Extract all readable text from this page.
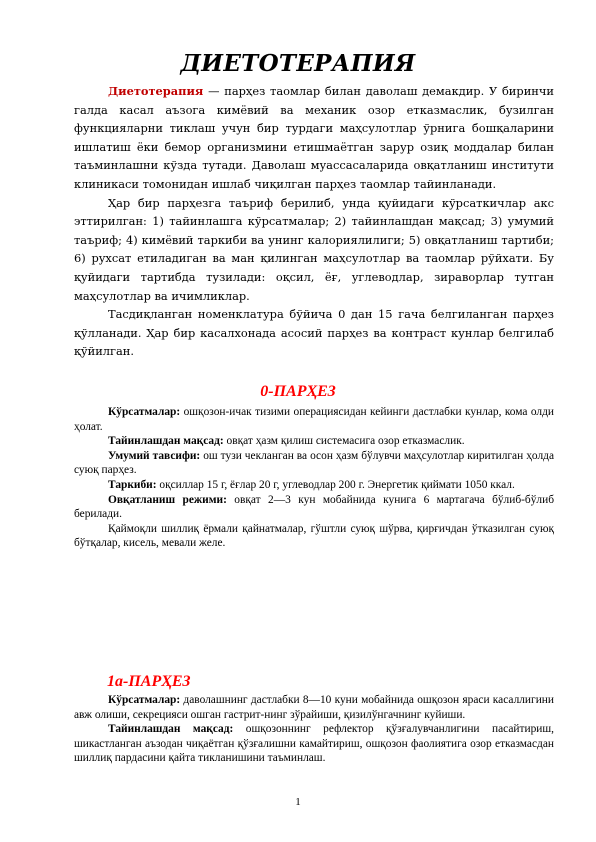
ДИЕТОТЕРАПИЯ

Диетотерапия — парҳез таомлар билан даволаш демакдир. У биринчи галда касал аъзога кимёвий ва механик озор етказмаслик, бузилган функцияларни тиклаш учун бир турдаги маҳсулотлар ўрнига бошқаларини ишлатиш ёки бемор организмини етишмаётган зарур озиқ моддалар билан таъминлашни кўзда тутади. Даволаш муассасаларида овқатланиш институти клиникаси томонидан ишлаб чиқилган парҳез таомлар тайинланади.

Ҳар бир парҳезга таъриф берилиб, унда қуйидаги кўрсаткичлар акс эттирилган: 1) тайинлашга кўрсатмалар; 2) тайинлашдан мақсад; 3) умумий таъриф; 4) кимёвий таркиби ва унинг калориялилиги; 5) овқатланиш тартиби; 6) рухсат етиладиган ва ман қилинган маҳсулотлар ва таомлар рўйхати. Бу қуйидаги тартибда тузилади: оқсил, ёғ, углеводлар, зираворлар тутган маҳсулотлар ва ичимликлар.

Тасдиқланган номенклатура бўйича 0 дан 15 гача белгиланган парҳез қўлланади. Ҳар бир касалхонада асосий парҳез ва контраст кунлар белгилаб қўйилган.

0-ПАРҲЕЗ

Кўрсатмалар: ошқозон-ичак тизими операциясидан кейинги дастлабки кунлар, кома олди ҳолат.

Тайинлашдан мақсад: овқат ҳазм қилиш системасига озор етказмаслик.

Умумий тавсифи: ош тузи чекланган ва осон ҳазм бўлувчи маҳсулотлар киритилган ҳолда суюқ парҳез.

Таркиби: оқсиллар 15 г, ёғлар 20 г, углеводлар 200 г. Энергетик қиймати 1050 ккал.

Овқатланиш режими: овқат 2—3 кун мобайнида кунига 6 мартагача бўлиб-бўлиб берилади.

Қаймоқли шиллиқ ёрмали қайнатмалар, гўштли суюқ шўрва, қирғичдан ўтказилган суюқ бўтқалар, кисель, мевали желе.

1а-ПАРҲЕЗ

Кўрсатмалар: даволашнинг дастлабки 8—10 куни мобайнида ошқозон яраси касаллигини авж олиши, секрецияси ошган гастрит-нинг зўрайиши, қизилўнгачнинг куйиши.

Тайинлашдан мақсад: ошқозоннинг рефлектор қўзғалувчанлигини пасайтириш, шикастланган аъзодан чиқаётган қўзғалишни камайтириш, ошқозон фаолиятига озор етказмасдан шиллиқ пардасини қайта тикланишини таъминлаш.

1
